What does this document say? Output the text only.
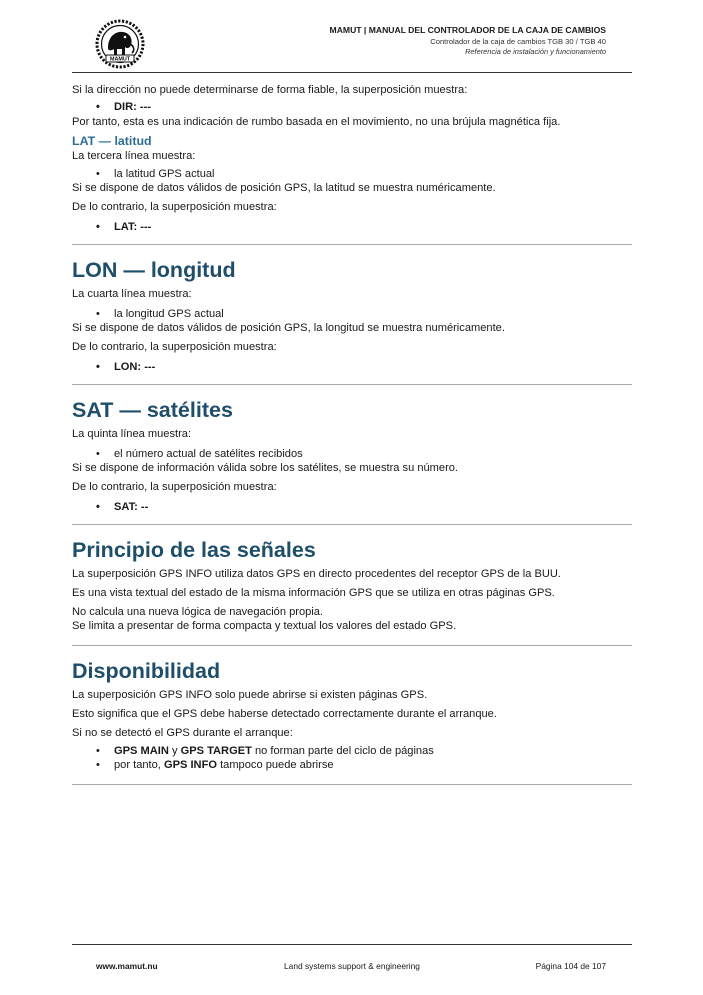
MAMUT
MAMUT | MANUAL DEL CONTROLADOR DE LA CAJA DE CAMBIOS
Controlador de la caja de cambios TGB 30 / TGB 40
Referencia de instalación y funcionamiento

Si la dirección no puede determinarse de forma fiable, la superposición muestra:

• DIR: ---

Por tanto, esta es una indicación de rumbo basada en el movimiento, no una brújula magnética fija.

LAT — latitud

La tercera línea muestra:

• la latitud GPS actual

Si se dispone de datos válidos de posición GPS, la latitud se muestra numéricamente.

De lo contrario, la superposición muestra:

• LAT: ---
LON — longitud

La cuarta línea muestra:

• la longitud GPS actual

Si se dispone de datos válidos de posición GPS, la longitud se muestra numéricamente.

De lo contrario, la superposición muestra:

• LON: ---
SAT — satélites

La quinta línea muestra:

• el número actual de satélites recibidos

Si se dispone de información válida sobre los satélites, se muestra su número.

De lo contrario, la superposición muestra:

• SAT: --
Principio de las señales

La superposición GPS INFO utiliza datos GPS en directo procedentes del receptor GPS de la BUU.

Es una vista textual del estado de la misma información GPS que se utiliza en otras páginas GPS.

No calcula una nueva lógica de navegación propia.

Se limita a presentar de forma compacta y textual los valores del estado GPS.

Disponibilidad

La superposición GPS INFO solo puede abrirse si existen páginas GPS.

Esto significa que el GPS debe haberse detectado correctamente durante el arranque.

Si no se detectó el GPS durante el arranque:

• GPS MAIN y GPS TARGET no forman parte del ciclo de páginas
• por tanto, GPS INFO tampoco puede abrirse
Land systems support & engineering
www.mamut.nu	Página 104 de 107
